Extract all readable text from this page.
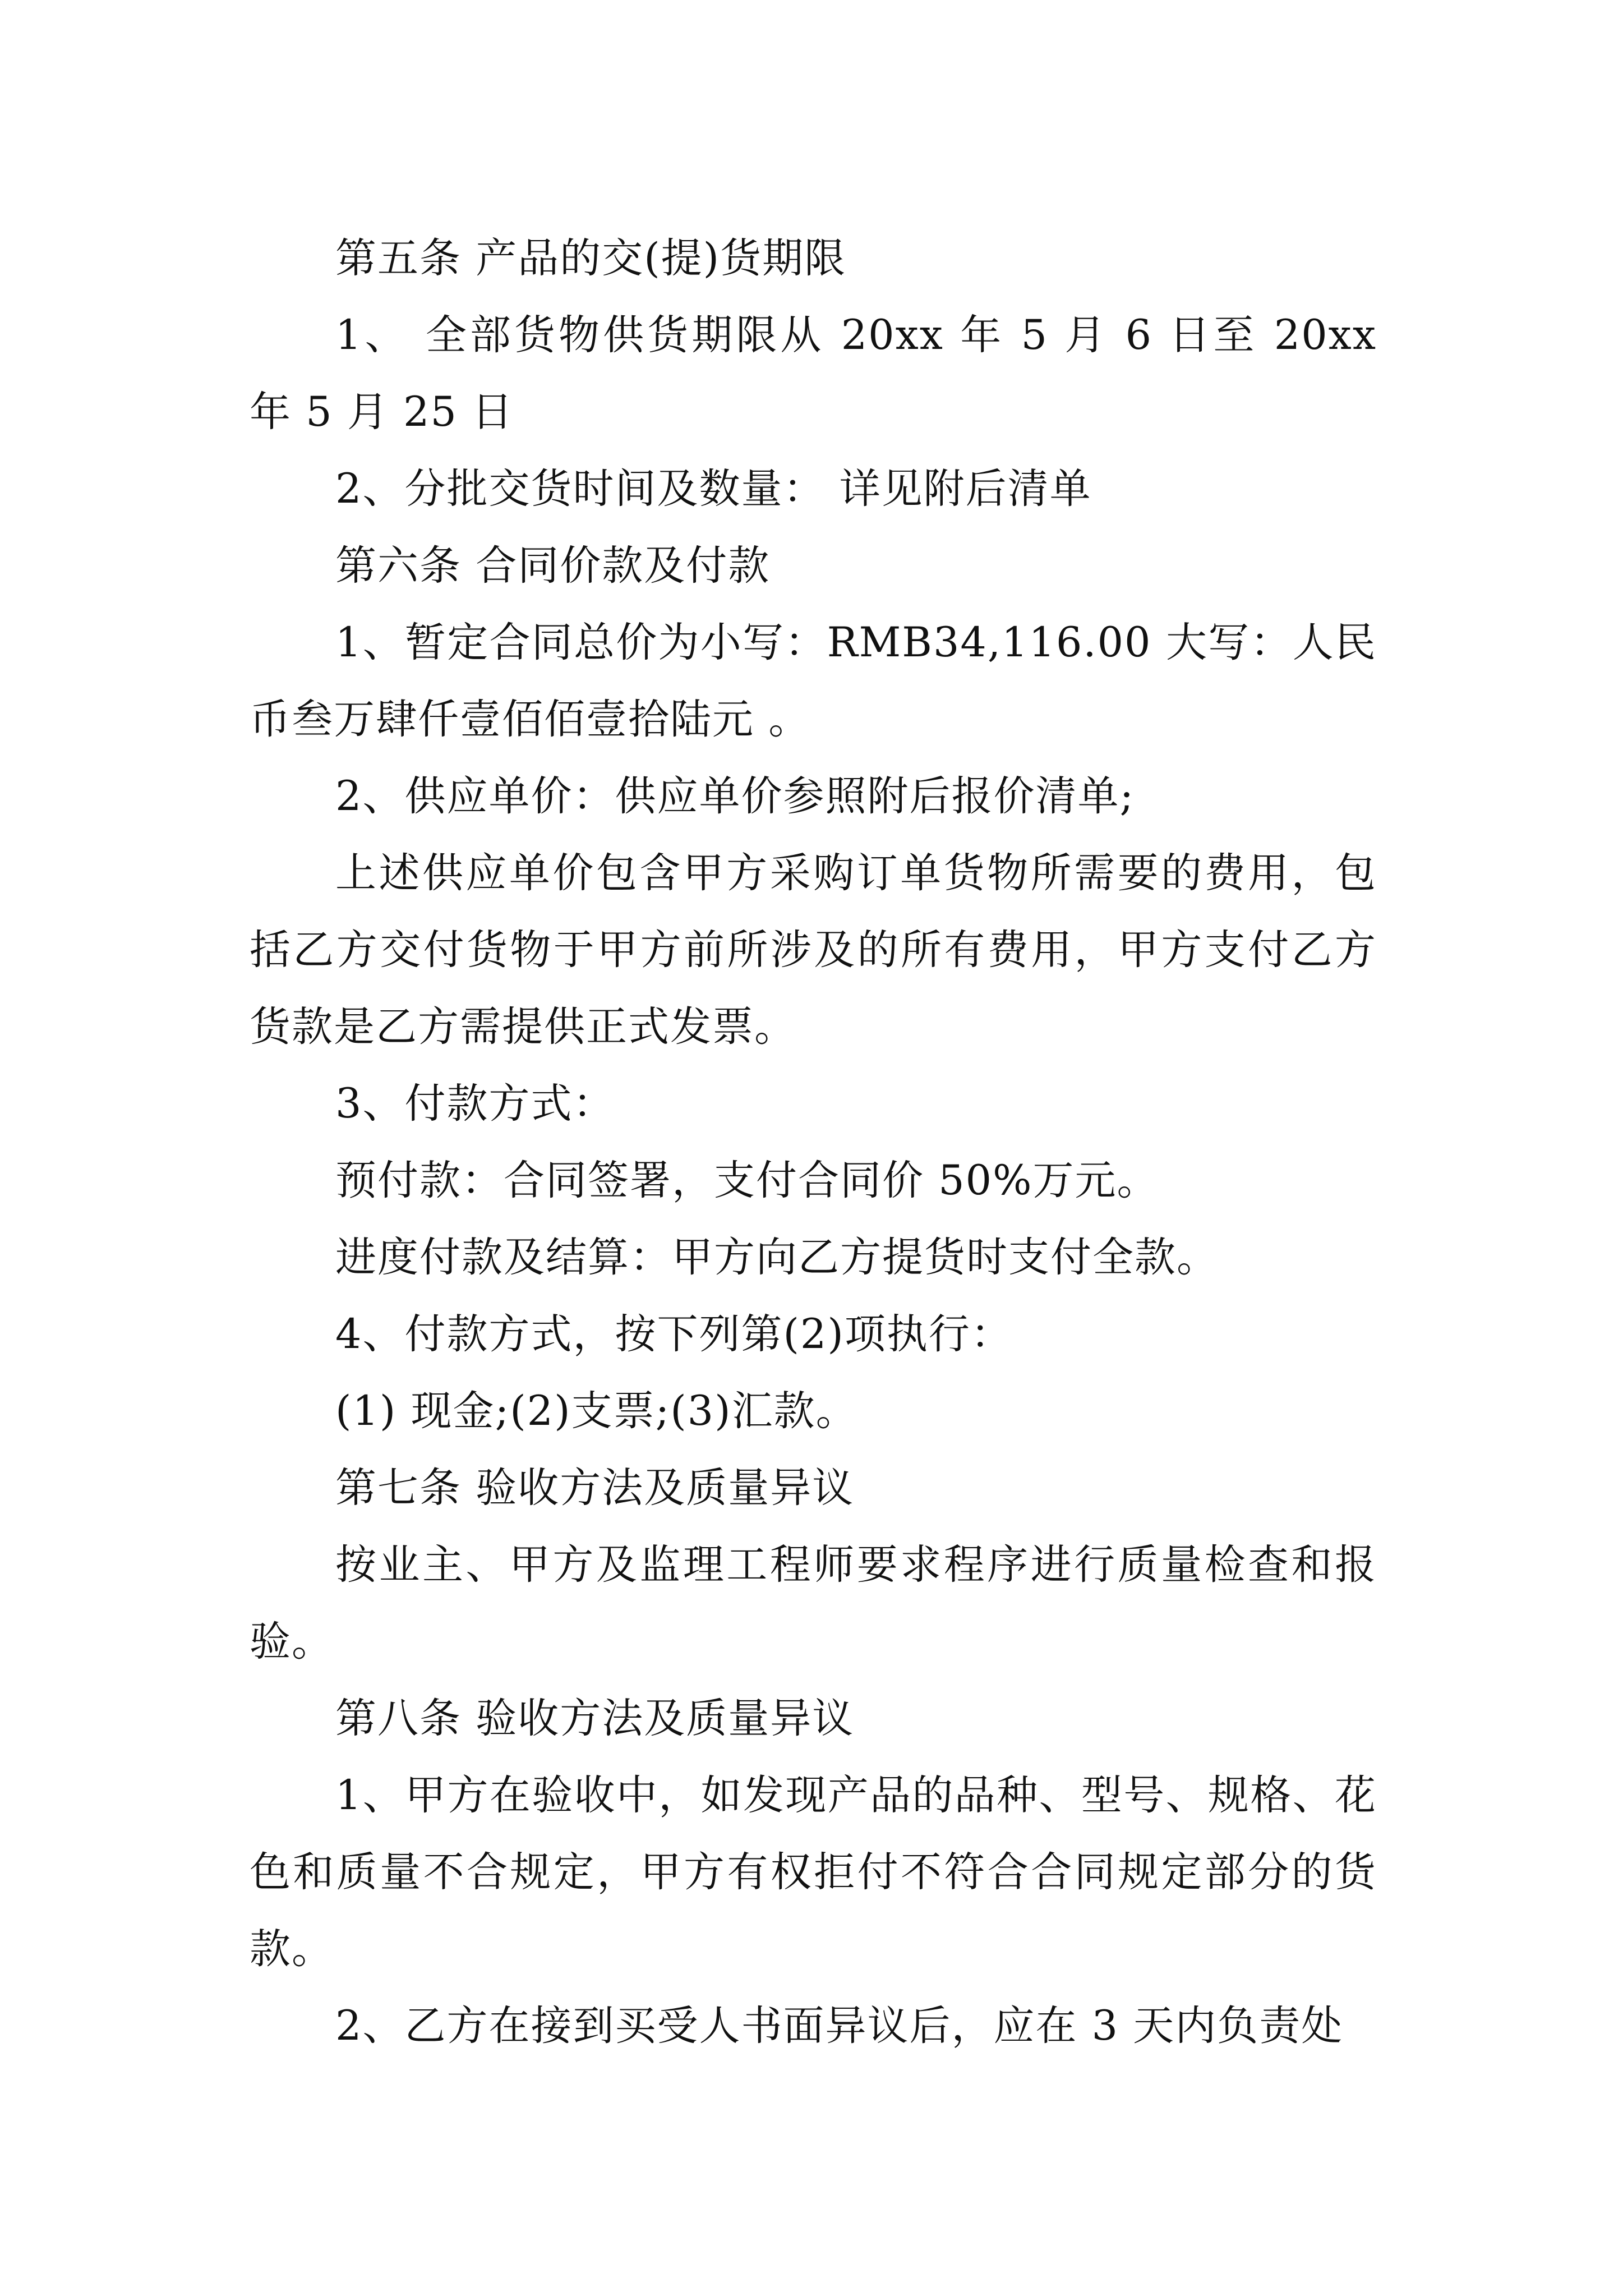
第五条 产品的交(提)货期限

1、 全部货物供货期限从 20xx 年 5 月 6 日至 20xx 年 5 月 25 日

2、分批交货时间及数量： 详见附后清单

第六条 合同价款及付款

1、暂定合同总价为小写：RMB34,116.00 大写：人民币叁万肆仟壹佰佰壹拾陆元 。

2、供应单价：供应单价参照附后报价清单;

上述供应单价包含甲方采购订单货物所需要的费用，包括乙方交付货物于甲方前所涉及的所有费用，甲方支付乙方货款是乙方需提供正式发票。

3、付款方式：

预付款：合同签署，支付合同价 50%万元。

进度付款及结算：甲方向乙方提货时支付全款。

4、付款方式，按下列第(2)项执行：

(1) 现金;(2)支票;(3)汇款。

第七条 验收方法及质量异议

按业主、甲方及监理工程师要求程序进行质量检查和报验。

第八条 验收方法及质量异议

1、甲方在验收中，如发现产品的品种、型号、规格、花色和质量不合规定，甲方有权拒付不符合合同规定部分的货款。

2、乙方在接到买受人书面异议后，应在 3 天内负责处
